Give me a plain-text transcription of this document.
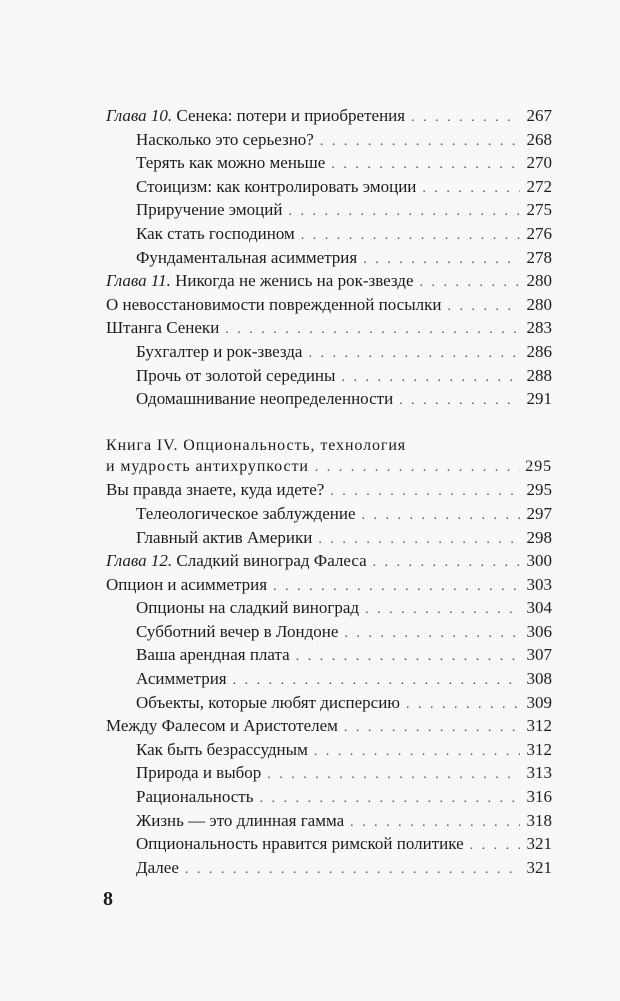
Глава 10. Сенека: потери и приобретения . . .	267
Насколько это серьезно? . . .	268
Терять как можно меньше . . .	270
Стоицизм: как контролировать эмоции . . .	272
Приручение эмоций . . .	275
Как стать господином . . .	276
Фундаментальная асимметрия . . .	278
Глава 11. Никогда не женись на рок-звезде . . .	280
О невосстановимости поврежденной посылки . . .	280
Штанга Сенеки . . .	283
Бухгалтер и рок-звезда . . .	286
Прочь от золотой середины . . .	288
Одомашнивание неопределенности . . .	291
Книга IV. Опциональность, технология
и мудрость антихрупкости . . .	295
Вы правда знаете, куда идете? . . .	295
Телеологическое заблуждение . . .	297
Главный актив Америки . . .	298
Глава 12. Сладкий виноград Фалеса . . .	300
Опцион и асимметрия . . .	303
Опционы на сладкий виноград . . .	304
Субботний вечер в Лондоне . . .	306
Ваша арендная плата . . .	307
Асимметрия . . .	308
Объекты, которые любят дисперсию . . .	309
Между Фалесом и Аристотелем . . .	312
Как быть безрассудным . . .	312
Природа и выбор . . .	313
Рациональность . . .	316
Жизнь — это длинная гамма . . .	318
Опциональность нравится римской политике . . .	321
Далее . . .	321
8
